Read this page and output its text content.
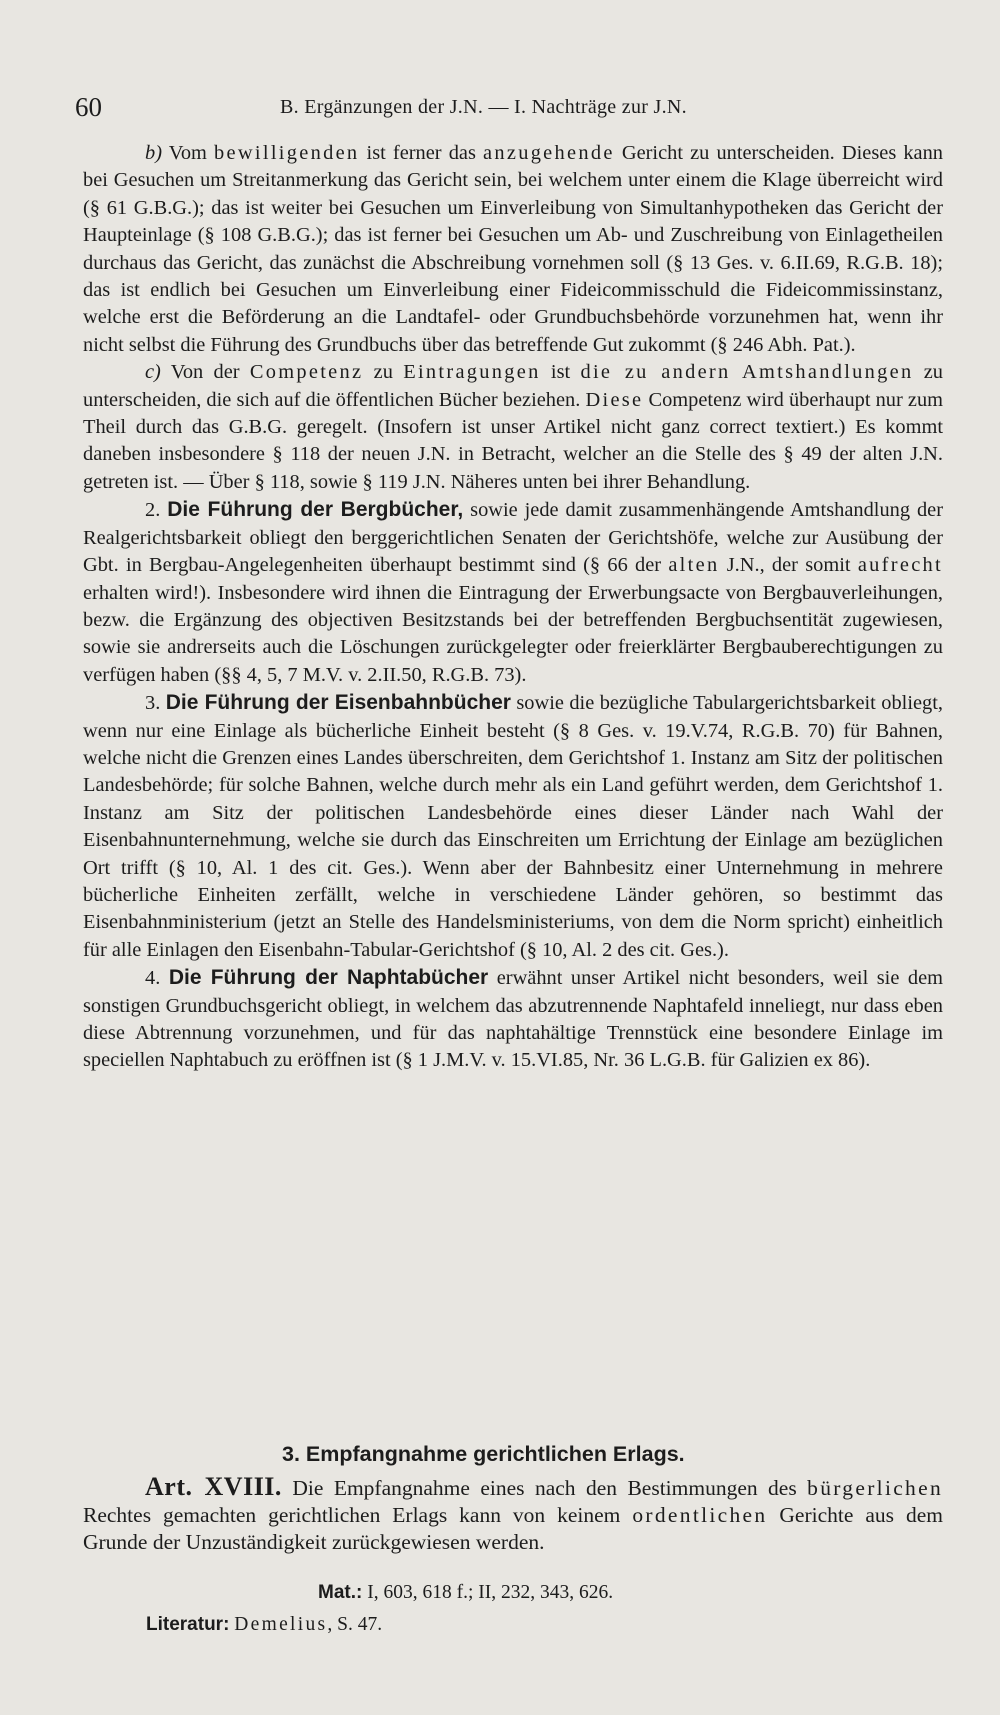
60	B. Ergänzungen der J.N. — I. Nachträge zur J.N.

b) Vom bewilligenden ist ferner das anzugehende Gericht zu unterscheiden. Dieses kann bei Gesuchen um Streitanmerkung das Gericht sein, bei welchem unter einem die Klage überreicht wird (§ 61 G.B.G.); das ist weiter bei Gesuchen um Einverleibung von Simultanhypotheken das Gericht der Haupteinlage (§ 108 G.B.G.); das ist ferner bei Gesuchen um Ab- und Zuschreibung von Einlagetheilen durchaus das Gericht, das zunächst die Abschreibung vornehmen soll (§ 13 Ges. v. 6.II.69, R.G.B. 18); das ist endlich bei Gesuchen um Einverleibung einer Fideicommisschuld die Fideicommissinstanz, welche erst die Beförderung an die Landtafel- oder Grundbuchsbehörde vorzunehmen hat, wenn ihr nicht selbst die Führung des Grundbuchs über das betreffende Gut zukommt (§ 246 Abh. Pat.).

c) Von der Competenz zu Eintragungen ist die zu andern Amtshandlungen zu unterscheiden, die sich auf die öffentlichen Bücher beziehen. Diese Competenz wird überhaupt nur zum Theil durch das G.B.G. geregelt. (Insofern ist unser Artikel nicht ganz correct textiert.) Es kommt daneben insbesondere § 118 der neuen J.N. in Betracht, welcher an die Stelle des § 49 der alten J.N. getreten ist. — Über § 118, sowie § 119 J.N. Näheres unten bei ihrer Behandlung.

2. Die Führung der Bergbücher, sowie jede damit zusammenhängende Amtshandlung der Realgerichtsbarkeit obliegt den berggerichtlichen Senaten der Gerichtshöfe, welche zur Ausübung der Gbt. in Bergbau-Angelegenheiten überhaupt bestimmt sind (§ 66 der alten J.N., der somit aufrecht erhalten wird!). Insbesondere wird ihnen die Eintragung der Erwerbungsacte von Bergbauverleihungen, bezw. die Ergänzung des objectiven Besitzstands bei der betreffenden Bergbuchsentität zugewiesen, sowie sie andrerseits auch die Löschungen zurückgelegter oder freierklärter Bergbauberechtigungen zu verfügen haben (§§ 4, 5, 7 M.V. v. 2.II.50, R.G.B. 73).

3. Die Führung der Eisenbahnbücher sowie die bezügliche Tabulargerichtsbarkeit obliegt, wenn nur eine Einlage als bücherliche Einheit besteht (§ 8 Ges. v. 19.V.74, R.G.B. 70) für Bahnen, welche nicht die Grenzen eines Landes überschreiten, dem Gerichtshof 1. Instanz am Sitz der politischen Landesbehörde; für solche Bahnen, welche durch mehr als ein Land geführt werden, dem Gerichtshof 1. Instanz am Sitz der politischen Landesbehörde eines dieser Länder nach Wahl der Eisenbahnunternehmung, welche sie durch das Einschreiten um Errichtung der Einlage am bezüglichen Ort trifft (§ 10, Al. 1 des cit. Ges.). Wenn aber der Bahnbesitz einer Unternehmung in mehrere bücherliche Einheiten zerfällt, welche in verschiedene Länder gehören, so bestimmt das Eisenbahnministerium (jetzt an Stelle des Handelsministeriums, von dem die Norm spricht) einheitlich für alle Einlagen den Eisenbahn-Tabular-Gerichtshof (§ 10, Al. 2 des cit. Ges.).

4. Die Führung der Naphtabücher erwähnt unser Artikel nicht besonders, weil sie dem sonstigen Grundbuchsgericht obliegt, in welchem das abzutrennende Naphtafeld inneliegt, nur dass eben diese Abtrennung vorzunehmen, und für das naphtahältige Trennstück eine besondere Einlage im speciellen Naphtabuch zu eröffnen ist (§ 1 J.M.V. v. 15.VI.85, Nr. 36 L.G.B. für Galizien ex 86).

3. Empfangnahme gerichtlichen Erlags.

Art. XVIII. Die Empfangnahme eines nach den Bestimmungen des bürgerlichen Rechtes gemachten gerichtlichen Erlags kann von keinem ordentlichen Gerichte aus dem Grunde der Unzuständigkeit zurückgewiesen werden.

Mat.: I, 603, 618 f.; II, 232, 343, 626.
Literatur: Demelius, S. 47.
